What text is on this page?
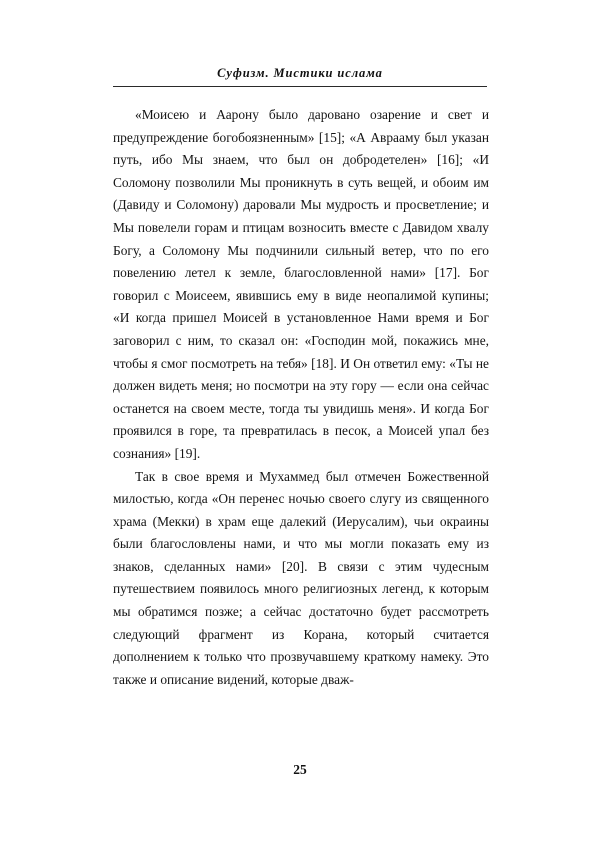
Суфизм. Мистики ислама

«Моисею и Аарону было даровано озарение и свет и предупреждение богобоязненным» [15]; «А Аврааму был указан путь, ибо Мы знаем, что был он добродетелен» [16]; «И Соломону позволили Мы проникнуть в суть вещей, и обоим им (Давиду и Соломону) даровали Мы мудрость и просветление; и Мы повелели горам и птицам возносить вместе с Давидом хвалу Богу, а Соломону Мы подчинили сильный ветер, что по его повелению летел к земле, благословленной нами» [17]. Бог говорил с Моисеем, явившись ему в виде неопалимой купины; «И когда пришел Моисей в установленное Нами время и Бог заговорил с ним, то сказал он: «Господин мой, покажись мне, чтобы я смог посмотреть на тебя» [18]. И Он ответил ему: «Ты не должен видеть меня; но посмотри на эту гору — если она сейчас останется на своем месте, тогда ты увидишь меня». И когда Бог проявился в горе, та превратилась в песок, а Моисей упал без сознания» [19].

Так в свое время и Мухаммед был отмечен Божественной милостью, когда «Он перенес ночью своего слугу из священного храма (Мекки) в храм еще далекий (Иерусалим), чьи окраины были благословлены нами, и что мы могли показать ему из знаков, сделанных нами» [20]. В связи с этим чудесным путешествием появилось много религиозных легенд, к которым мы обратимся позже; а сейчас достаточно будет рассмотреть следующий фрагмент из Корана, который считается дополнением к только что прозвучавшему краткому намеку. Это также и описание видений, которые дваж-

25
